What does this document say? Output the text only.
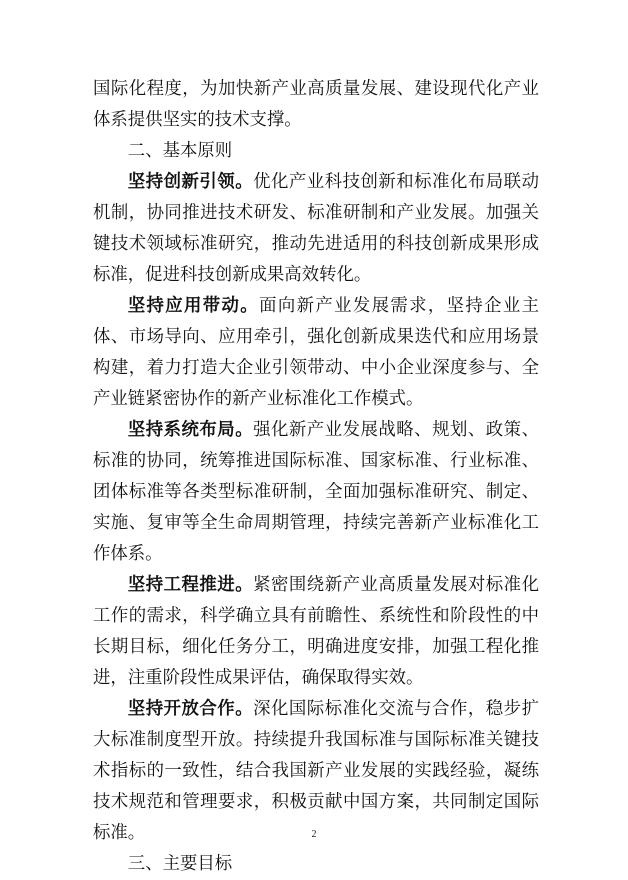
国际化程度，为加快新产业高质量发展、建设现代化产业体系提供坚实的技术支撑。

二、基本原则

坚持创新引领。优化产业科技创新和标准化布局联动机制，协同推进技术研发、标准研制和产业发展。加强关键技术领域标准研究，推动先进适用的科技创新成果形成标准，促进科技创新成果高效转化。

坚持应用带动。面向新产业发展需求，坚持企业主体、市场导向、应用牵引，强化创新成果迭代和应用场景构建，着力打造大企业引领带动、中小企业深度参与、全产业链紧密协作的新产业标准化工作模式。

坚持系统布局。强化新产业发展战略、规划、政策、标准的协同，统筹推进国际标准、国家标准、行业标准、团体标准等各类型标准研制，全面加强标准研究、制定、实施、复审等全生命周期管理，持续完善新产业标准化工作体系。

坚持工程推进。紧密围绕新产业高质量发展对标准化工作的需求，科学确立具有前瞻性、系统性和阶段性的中长期目标，细化任务分工，明确进度安排，加强工程化推进，注重阶段性成果评估，确保取得实效。

坚持开放合作。深化国际标准化交流与合作，稳步扩大标准制度型开放。持续提升我国标准与国际标准关键技术指标的一致性，结合我国新产业发展的实践经验，凝练技术规范和管理要求，积极贡献中国方案，共同制定国际标准。

三、主要目标

2
